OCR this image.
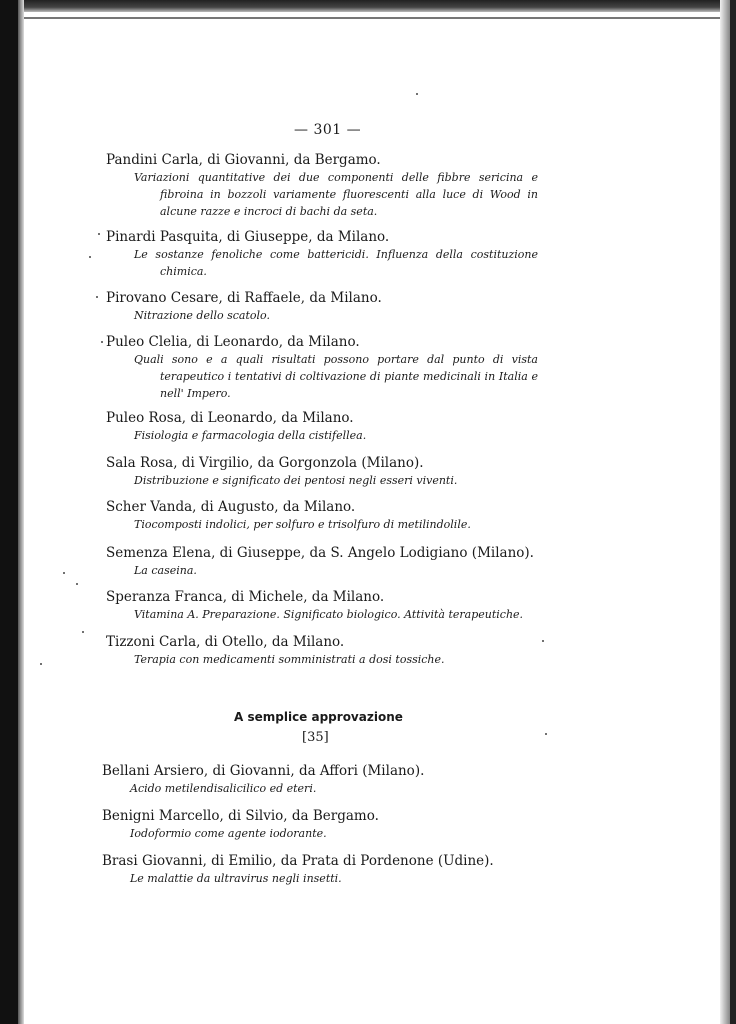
— 301 —
Pandini Carla, di Giovanni, da Bergamo.
Variazioni quantitative dei due componenti delle fibbre sericina e fibroina in bozzoli variamente fluorescenti alla luce di Wood in alcune razze e incroci di bachi da seta.
Pinardi Pasquita, di Giuseppe, da Milano.
Le sostanze fenoliche come battericidi. Influenza della costituzione chimica.
Pirovano Cesare, di Raffaele, da Milano.
Nitrazione dello scatolo.
Puleo Clelia, di Leonardo, da Milano.
Quali sono e a quali risultati possono portare dal punto di vista terapeutico i tentativi di coltivazione di piante medicinali in Italia e nell' Impero.
Puleo Rosa, di Leonardo, da Milano.
Fisiologia e farmacologia della cistifellea.
Sala Rosa, di Virgilio, da Gorgonzola (Milano).
Distribuzione e significato dei pentosi negli esseri viventi.
Scher Vanda, di Augusto, da Milano.
Tiocomposti indolici, per solfuro e trisolfuro di metilindolile.
Semenza Elena, di Giuseppe, da S. Angelo Lodigiano (Milano).
La caseina.
Speranza Franca, di Michele, da Milano.
Vitamina A. Preparazione. Significato biologico. Attività terapeutiche.
Tizzoni Carla, di Otello, da Milano.
Terapia con medicamenti somministrati a dosi tossiche.
A semplice approvazione
[35]
Bellani Arsiero, di Giovanni, da Affori (Milano).
Acido metilendisalicilico ed eteri.
Benigni Marcello, di Silvio, da Bergamo.
Iodoformio come agente iodorante.
Brasi Giovanni, di Emilio, da Prata di Pordenone (Udine).
Le malattie da ultravirus negli insetti.
